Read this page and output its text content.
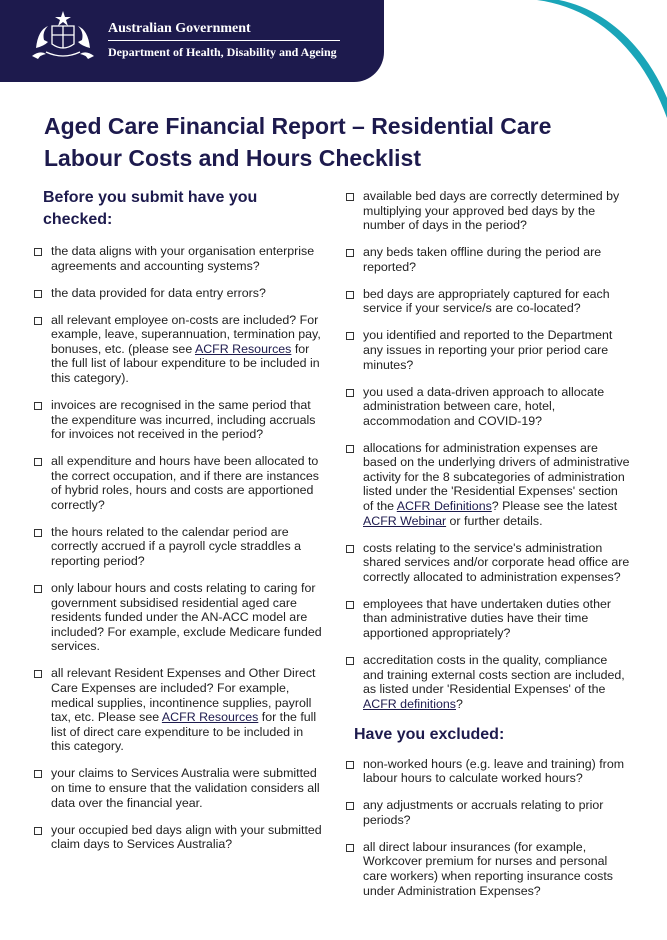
Australian Government
Department of Health, Disability and Ageing
Aged Care Financial Report – Residential Care
Labour Costs and Hours Checklist
Before you submit have you checked:
the data aligns with your organisation enterprise agreements and accounting systems?
the data provided for data entry errors?
all relevant employee on-costs are included? For example, leave, superannuation, termination pay, bonuses, etc. (please see ACFR Resources for the full list of labour expenditure to be included in this category).
invoices are recognised in the same period that the expenditure was incurred, including accruals for invoices not received in the period?
all expenditure and hours have been allocated to the correct occupation, and if there are instances of hybrid roles, hours and costs are apportioned correctly?
the hours related to the calendar period are correctly accrued if a payroll cycle straddles a reporting period?
only labour hours and costs relating to caring for government subsidised residential aged care residents funded under the AN-ACC model are included? For example, exclude Medicare funded services.
all relevant Resident Expenses and Other Direct Care Expenses are included? For example, medical supplies, incontinence supplies, payroll tax, etc. Please see ACFR Resources for the full list of direct care expenditure to be included in this category.
your claims to Services Australia were submitted on time to ensure that the validation considers all data over the financial year.
your occupied bed days align with your submitted claim days to Services Australia?
available bed days are correctly determined by multiplying your approved bed days by the number of days in the period?
any beds taken offline during the period are reported?
bed days are appropriately captured for each service if your service/s are co-located?
you identified and reported to the Department any issues in reporting your prior period care minutes?
you used a data-driven approach to allocate administration between care, hotel, accommodation and COVID-19?
allocations for administration expenses are based on the underlying drivers of administrative activity for the 8 subcategories of administration listed under the 'Residential Expenses' section of the ACFR Definitions? Please see the latest ACFR Webinar or further details.
costs relating to the service's administration shared services and/or corporate head office are correctly allocated to administration expenses?
employees that have undertaken duties other than administrative duties have their time apportioned appropriately?
accreditation costs in the quality, compliance and training external costs section are included, as listed under 'Residential Expenses' of the ACFR definitions?
Have you excluded:
non-worked hours (e.g. leave and training) from labour hours to calculate worked hours?
any adjustments or accruals relating to prior periods?
all direct labour insurances (for example, Workcover premium for nurses and personal care workers) when reporting insurance costs under Administration Expenses?
